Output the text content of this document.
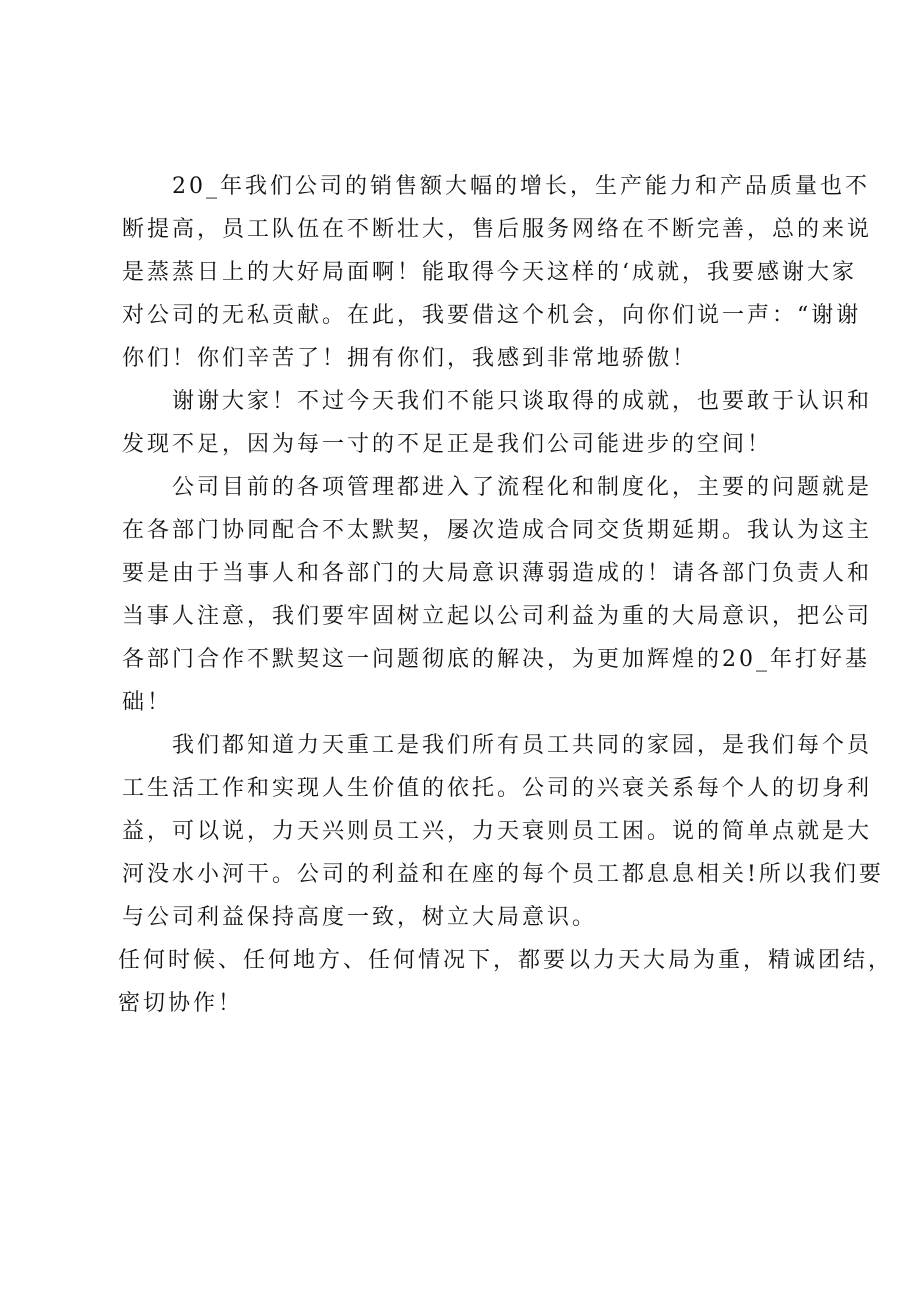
20_年我们公司的销售额大幅的增长，生产能力和产品质量也不
断提高，员工队伍在不断壮大，售后服务网络在不断完善，总的来说
是蒸蒸日上的大好局面啊！能取得今天这样的‘成就，我要感谢大家
对公司的无私贡献。在此，我要借这个机会，向你们说一声：“谢谢
你们！你们辛苦了！拥有你们，我感到非常地骄傲！

谢谢大家！不过今天我们不能只谈取得的成就，也要敢于认识和
发现不足，因为每一寸的不足正是我们公司能进步的空间！

公司目前的各项管理都进入了流程化和制度化，主要的问题就是
在各部门协同配合不太默契，屡次造成合同交货期延期。我认为这主
要是由于当事人和各部门的大局意识薄弱造成的！请各部门负责人和
当事人注意，我们要牢固树立起以公司利益为重的大局意识，把公司
各部门合作不默契这一问题彻底的解决，为更加辉煌的20_年打好基
础！

我们都知道力天重工是我们所有员工共同的家园，是我们每个员
工生活工作和实现人生价值的依托。公司的兴衰关系每个人的切身利
益，可以说，力天兴则员工兴，力天衰则员工困。说的简单点就是大
河没水小河干。公司的利益和在座的每个员工都息息相关!所以我们要
与公司利益保持高度一致，树立大局意识。

任何时候、任何地方、任何情况下，都要以力天大局为重，精诚团结，
密切协作！
